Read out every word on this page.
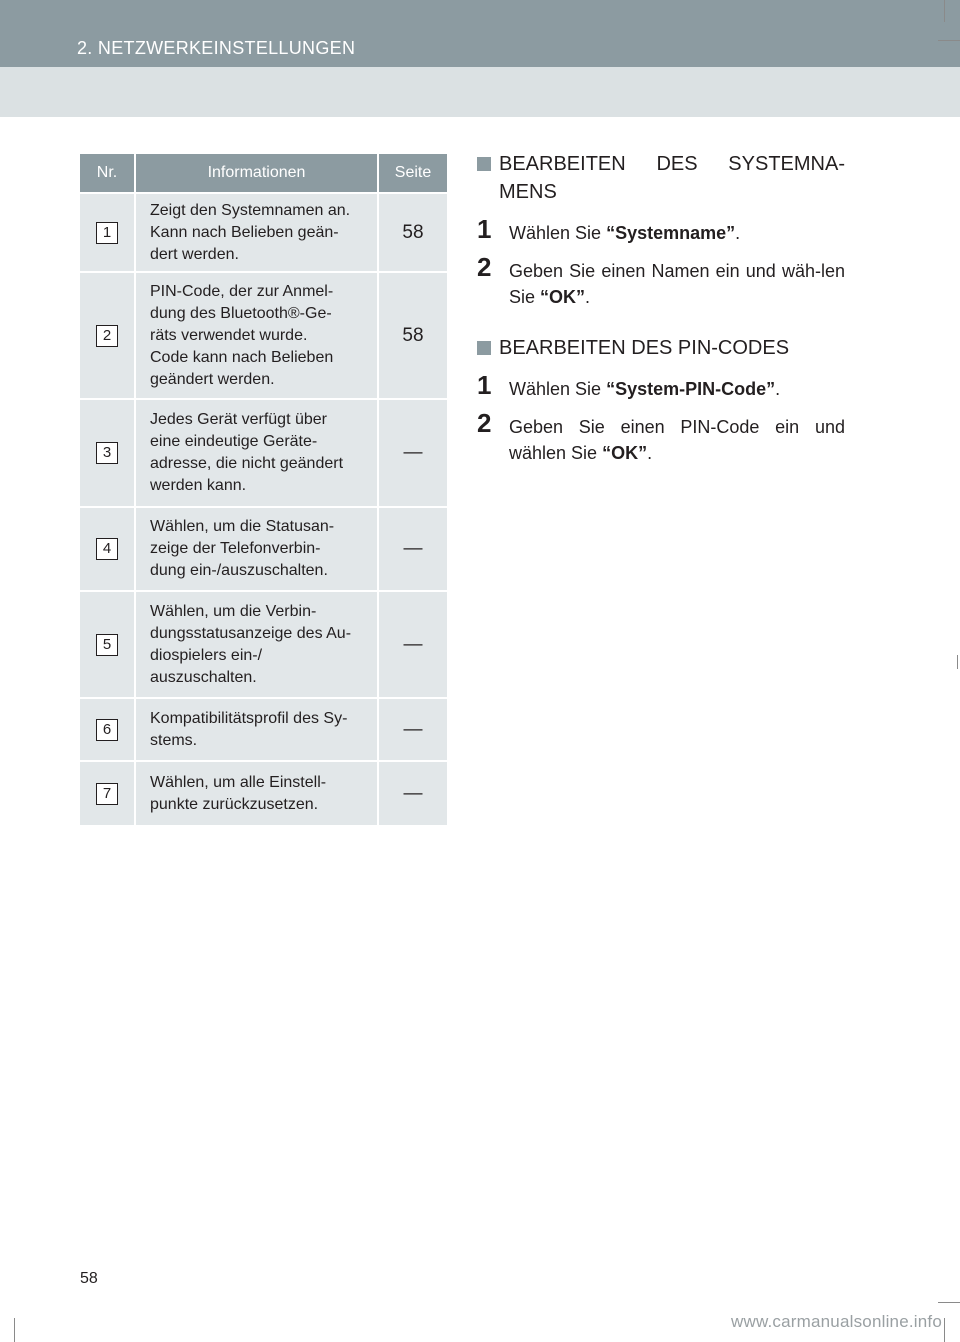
2. NETZWERKEINSTELLUNGEN
Nr.	Informationen	Seite

1	Zeigt den Systemnamen an.
Kann nach Belieben geän-
dert werden.	58

2	PIN-Code, der zur Anmel-
dung des Bluetooth®-Ge-
räts verwendet wurde.
Code kann nach Belieben
geändert werden.	58

3	Jedes Gerät verfügt über
eine eindeutige Geräte-
adresse, die nicht geändert
werden kann.	—

4	Wählen, um die Statusan-
zeige der Telefonverbin-
dung ein-/auszuschalten.	—

5	Wählen, um die Verbin-
dungsstatusanzeige des Au-
diospielers ein-/
auszuschalten.	—

6	Kompatibilitätsprofil des Sy-
stems.	—

7	Wählen, um alle Einstell-
punkte zurückzusetzen.	—
BEARBEITEN DES SYSTEMNA-MENS
1 Wählen Sie “Systemname”.
2 Geben Sie einen Namen ein und wäh-len Sie “OK”.
BEARBEITEN DES PIN-CODES
1 Wählen Sie “System-PIN-Code”.
2 Geben Sie einen PIN-Code ein und wählen Sie “OK”.
58
www.carmanualsonline.info
